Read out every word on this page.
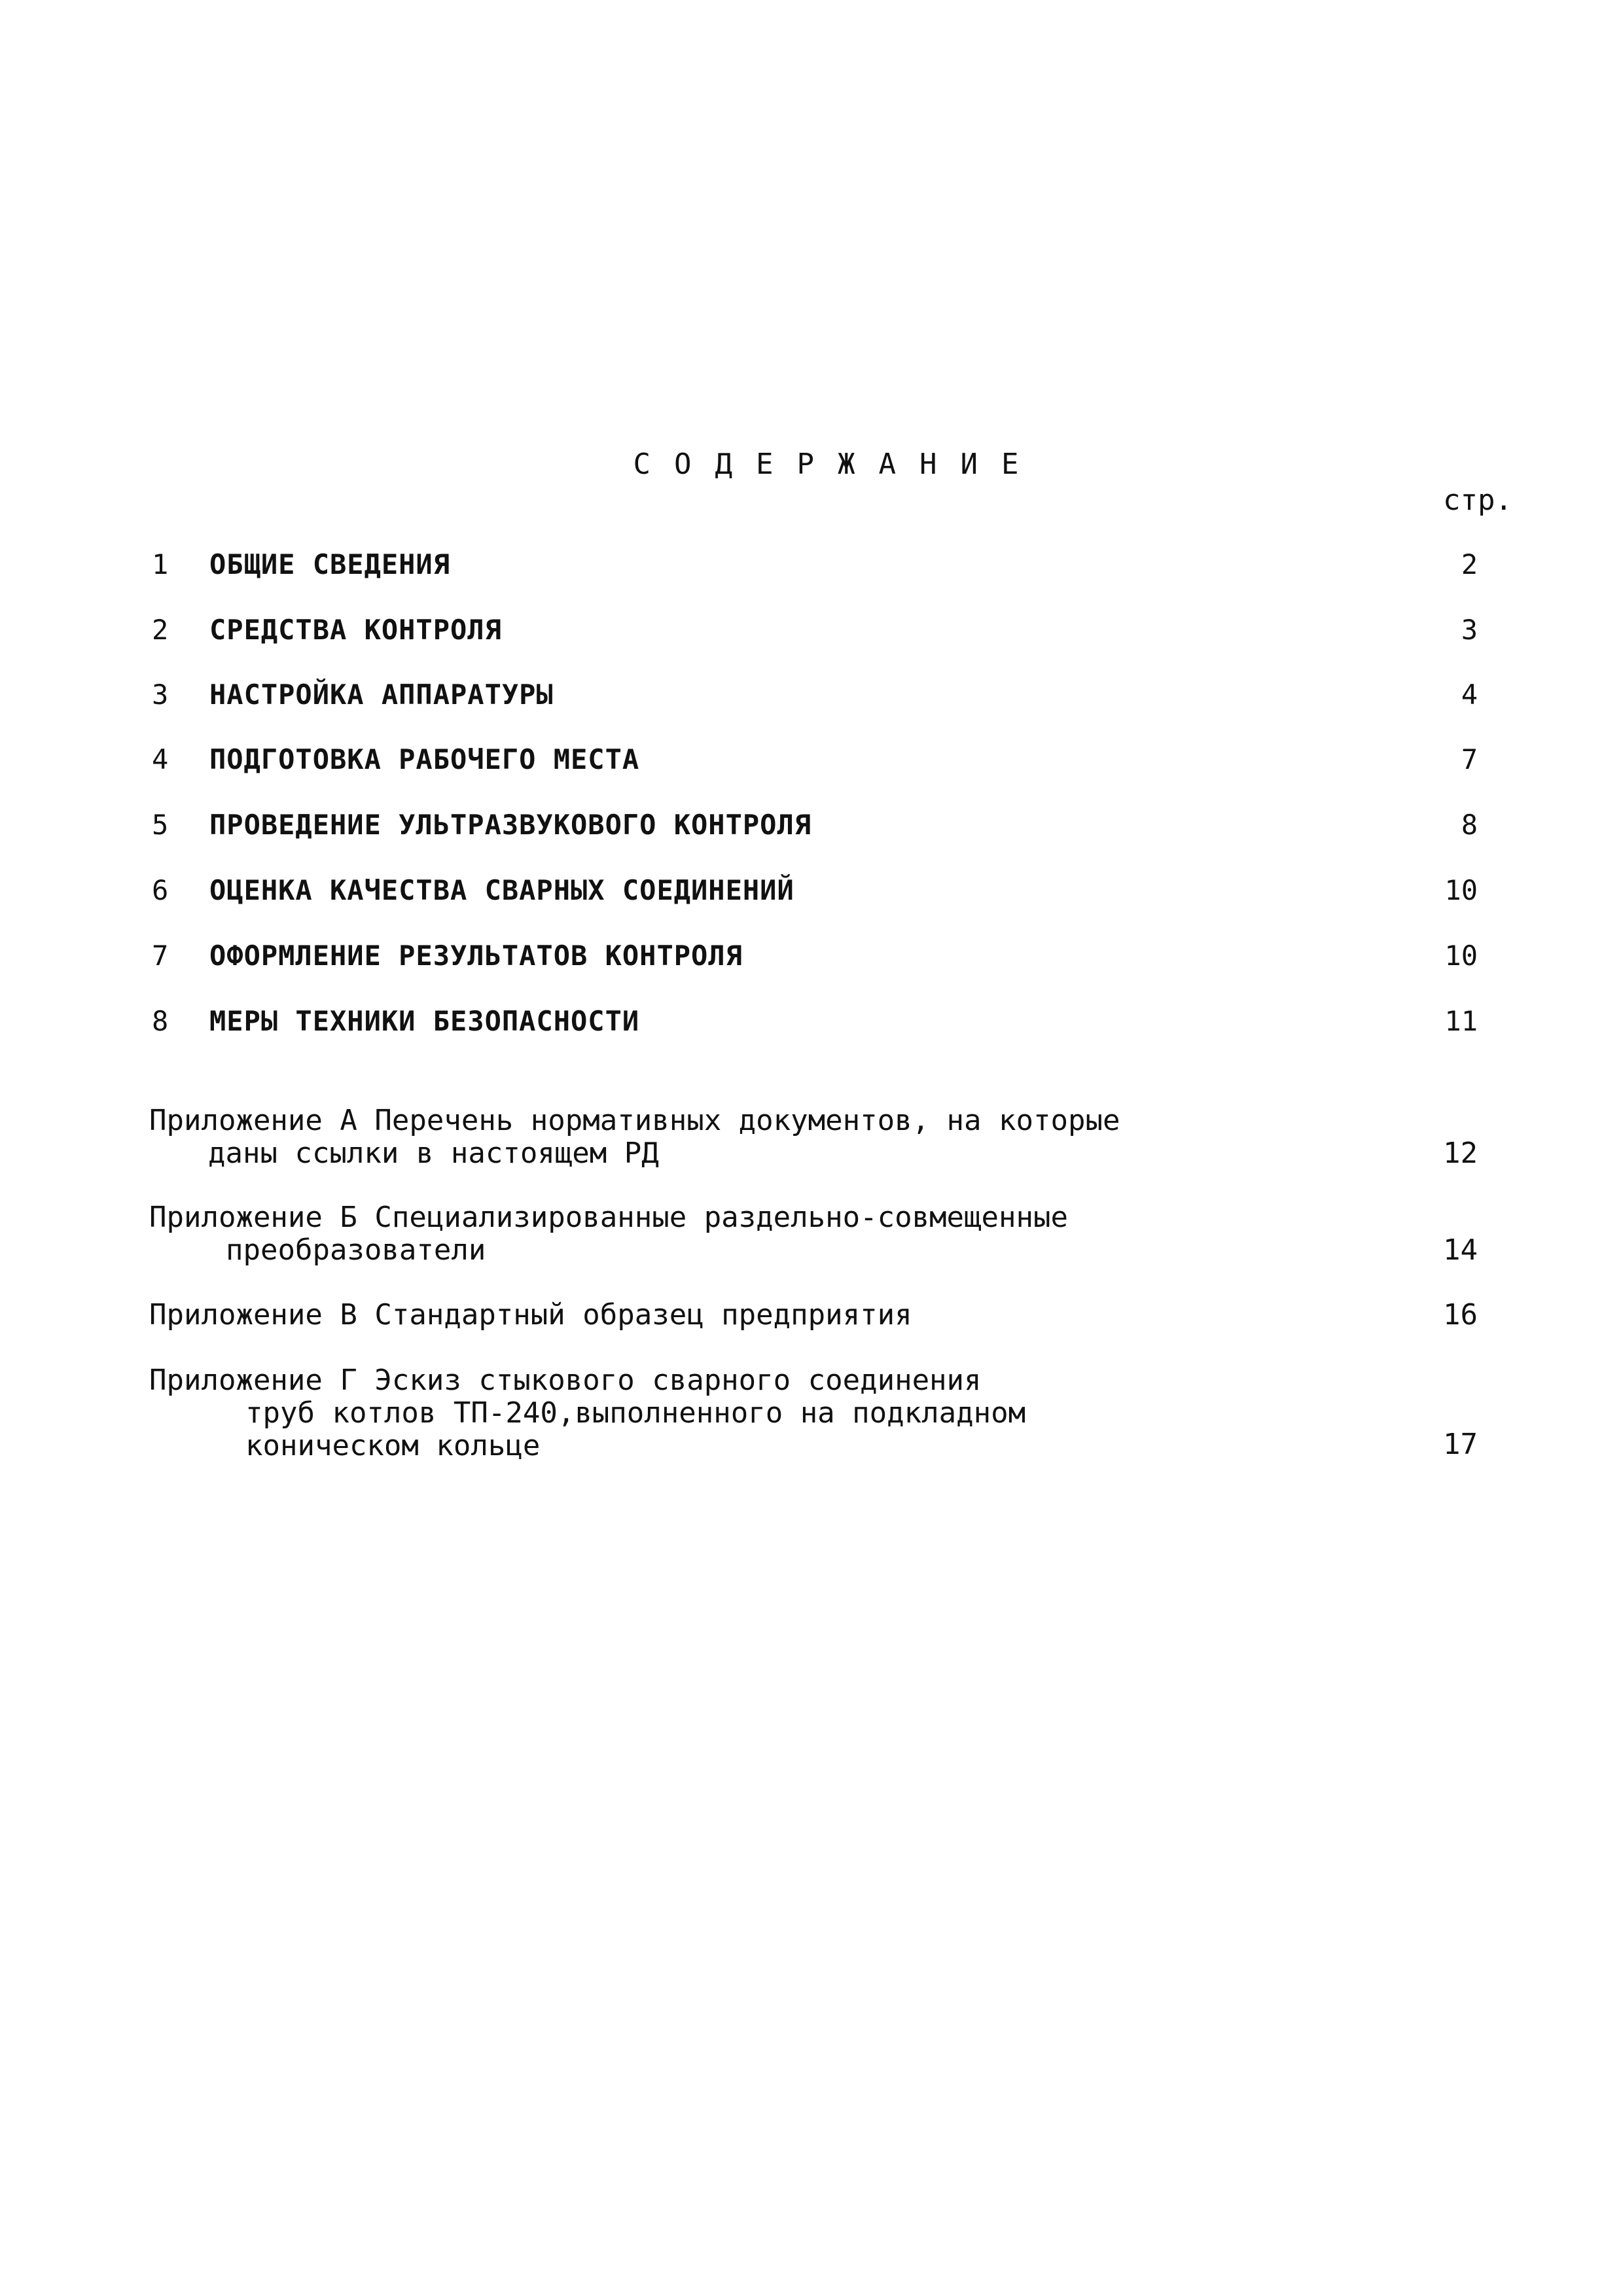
СОДЕРЖАНИЕ
стр.
1 ОБЩИЕ СВЕДЕНИЯ	2
2 СРЕДСТВА КОНТРОЛЯ	3
3 НАСТРОЙКА АППАРАТУРЫ	4
4 ПОДГОТОВКА РАБОЧЕГО МЕСТА	7
5 ПРОВЕДЕНИЕ УЛЬТРАЗВУКОВОГО КОНТРОЛЯ	8
6 ОЦЕНКА КАЧЕСТВА СВАРНЫХ СОЕДИНЕНИЙ	10
7 ОФОРМЛЕНИЕ РЕЗУЛЬТАТОВ КОНТРОЛЯ	10
8 МЕРЫ ТЕХНИКИ БЕЗОПАСНОСТИ	11
Приложение А Перечень нормативных документов, на которые
даны ссылки в настоящем РД	12
Приложение Б Специализированные раздельно-совмещенные
преобразователи	14
Приложение В Стандартный образец предприятия	16
Приложение Г Эскиз стыкового сварного соединения
труб котлов ТП-240,выполненного на подкладном
коническом кольце	17
